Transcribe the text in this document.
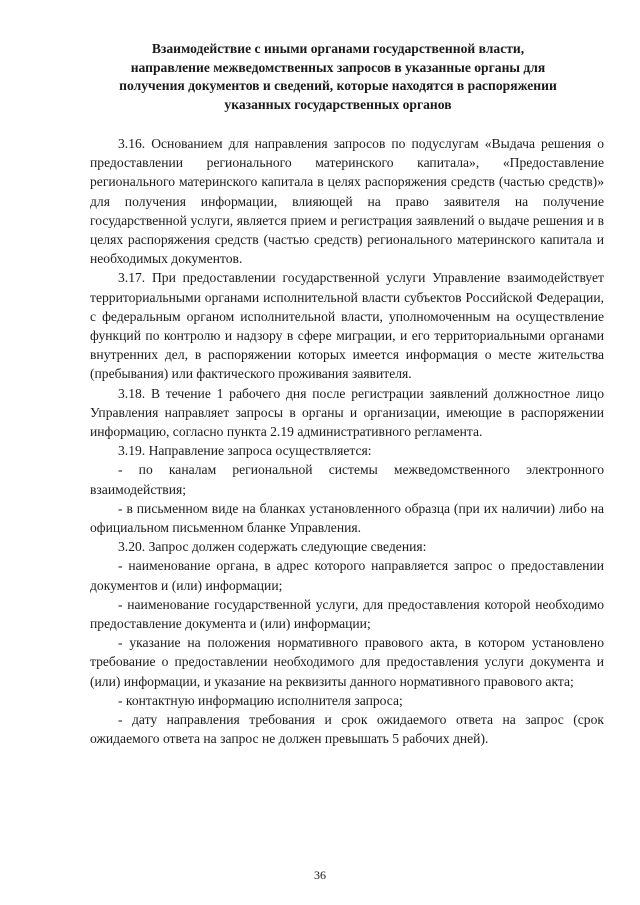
Взаимодействие с иными органами государственной власти,
направление межведомственных запросов в указанные органы для
получения документов и сведений, которые находятся в распоряжении
указанных государственных органов

3.16. Основанием для направления запросов по подуслугам «Выдача решения о предоставлении регионального материнского капитала», «Предоставление регионального материнского капитала в целях распоряжения средств (частью средств)» для получения информации, влияющей на право заявителя на получение государственной услуги, является прием и регистрация заявлений о выдаче решения и в целях распоряжения средств (частью средств) регионального материнского капитала и необходимых документов.

3.17. При предоставлении государственной услуги Управление взаимодействует территориальными органами исполнительной власти субъектов Российской Федерации, с федеральным органом исполнительной власти, уполномоченным на осуществление функций по контролю и надзору в сфере миграции, и его территориальными органами внутренних дел, в распоряжении которых имеется информация о месте жительства (пребывания) или фактического проживания заявителя.

3.18. В течение 1 рабочего дня после регистрации заявлений должностное лицо Управления направляет запросы в органы и организации, имеющие в распоряжении информацию, согласно пункта 2.19 административного регламента.

3.19. Направление запроса осуществляется:

- по каналам региональной системы межведомственного электронного взаимодействия;

- в письменном виде на бланках установленного образца (при их наличии) либо на официальном письменном бланке Управления.

3.20. Запрос должен содержать следующие сведения:

- наименование органа, в адрес которого направляется запрос о предоставлении документов и (или) информации;

- наименование государственной услуги, для предоставления которой необходимо предоставление документа и (или) информации;

- указание на положения нормативного правового акта, в котором установлено требование о предоставлении необходимого для предоставления услуги документа и (или) информации, и указание на реквизиты данного нормативного правового акта;

- контактную информацию исполнителя запроса;

- дату направления требования и срок ожидаемого ответа на запрос (срок ожидаемого ответа на запрос не должен превышать 5 рабочих дней).

36
